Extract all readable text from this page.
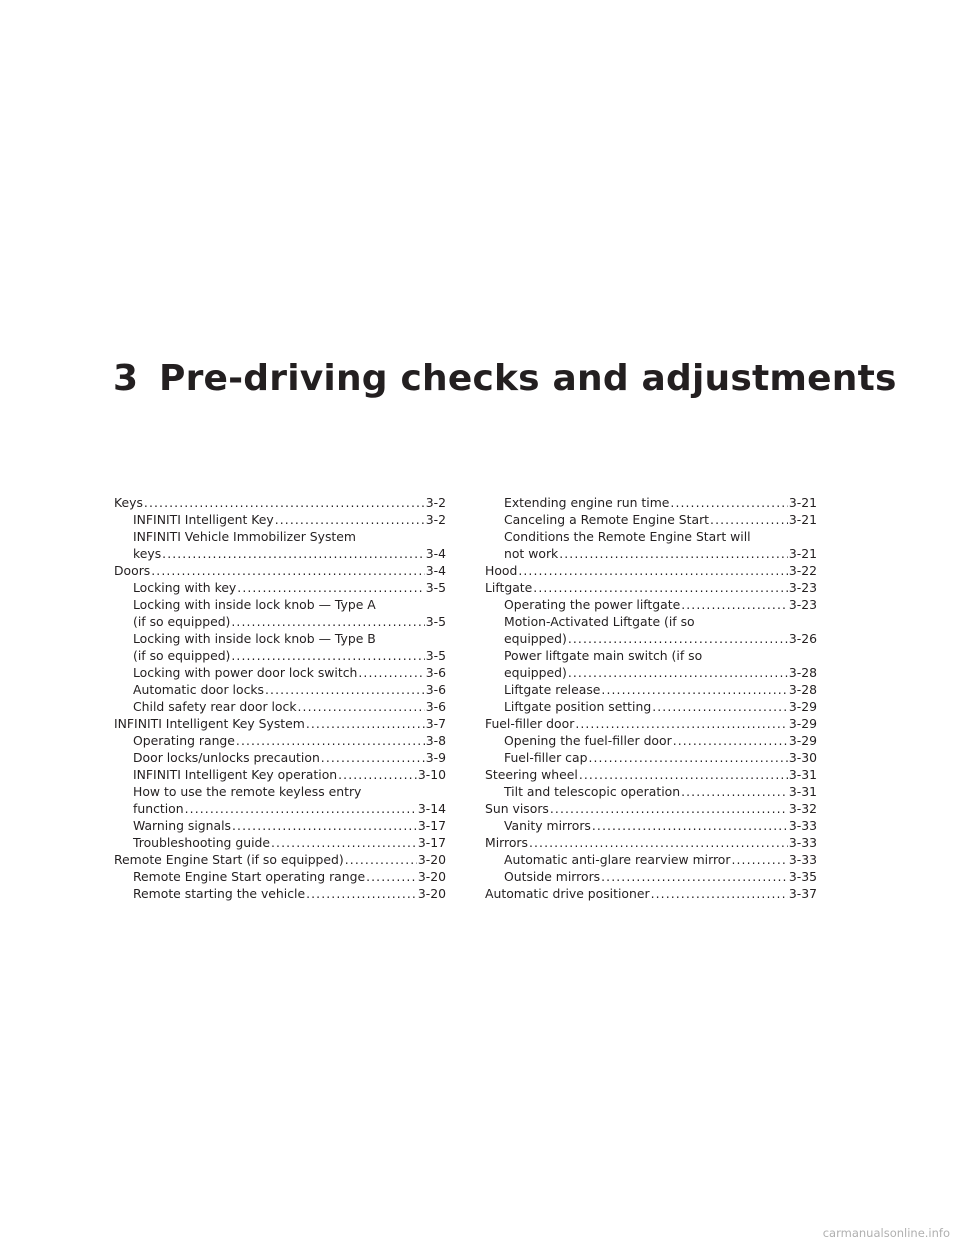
3 Pre-driving checks and adjustments
Keys .....	3-2
INFINITI Intelligent Key .....	3-2
INFINITI Vehicle Immobilizer System
keys .....	3-4
Doors .....	3-4
Locking with key .....	3-5
Locking with inside lock knob — Type A
(if so equipped) .....	3-5
Locking with inside lock knob — Type B
(if so equipped) .....	3-5
Locking with power door lock switch .....	3-6
Automatic door locks .....	3-6
Child safety rear door lock .....	3-6
INFINITI Intelligent Key System .....	3-7
Operating range .....	3-8
Door locks/unlocks precaution .....	3-9
INFINITI Intelligent Key operation .....	3-10
How to use the remote keyless entry
function .....	3-14
Warning signals .....	3-17
Troubleshooting guide .....	3-17
Remote Engine Start (if so equipped) .....	3-20
Remote Engine Start operating range .....	3-20
Remote starting the vehicle .....	3-20
Extending engine run time .....	3-21
Canceling a Remote Engine Start .....	3-21
Conditions the Remote Engine Start will
not work .....	3-21
Hood .....	3-22
Liftgate .....	3-23
Operating the power liftgate .....	3-23
Motion-Activated Liftgate (if so
equipped) .....	3-26
Power liftgate main switch (if so
equipped) .....	3-28
Liftgate release .....	3-28
Liftgate position setting .....	3-29
Fuel-filler door .....	3-29
Opening the fuel-filler door .....	3-29
Fuel-filler cap .....	3-30
Steering wheel .....	3-31
Tilt and telescopic operation .....	3-31
Sun visors .....	3-32
Vanity mirrors .....	3-33
Mirrors .....	3-33
Automatic anti-glare rearview mirror .....	3-33
Outside mirrors .....	3-35
Automatic drive positioner .....	3-37
carmanualsonline.info
